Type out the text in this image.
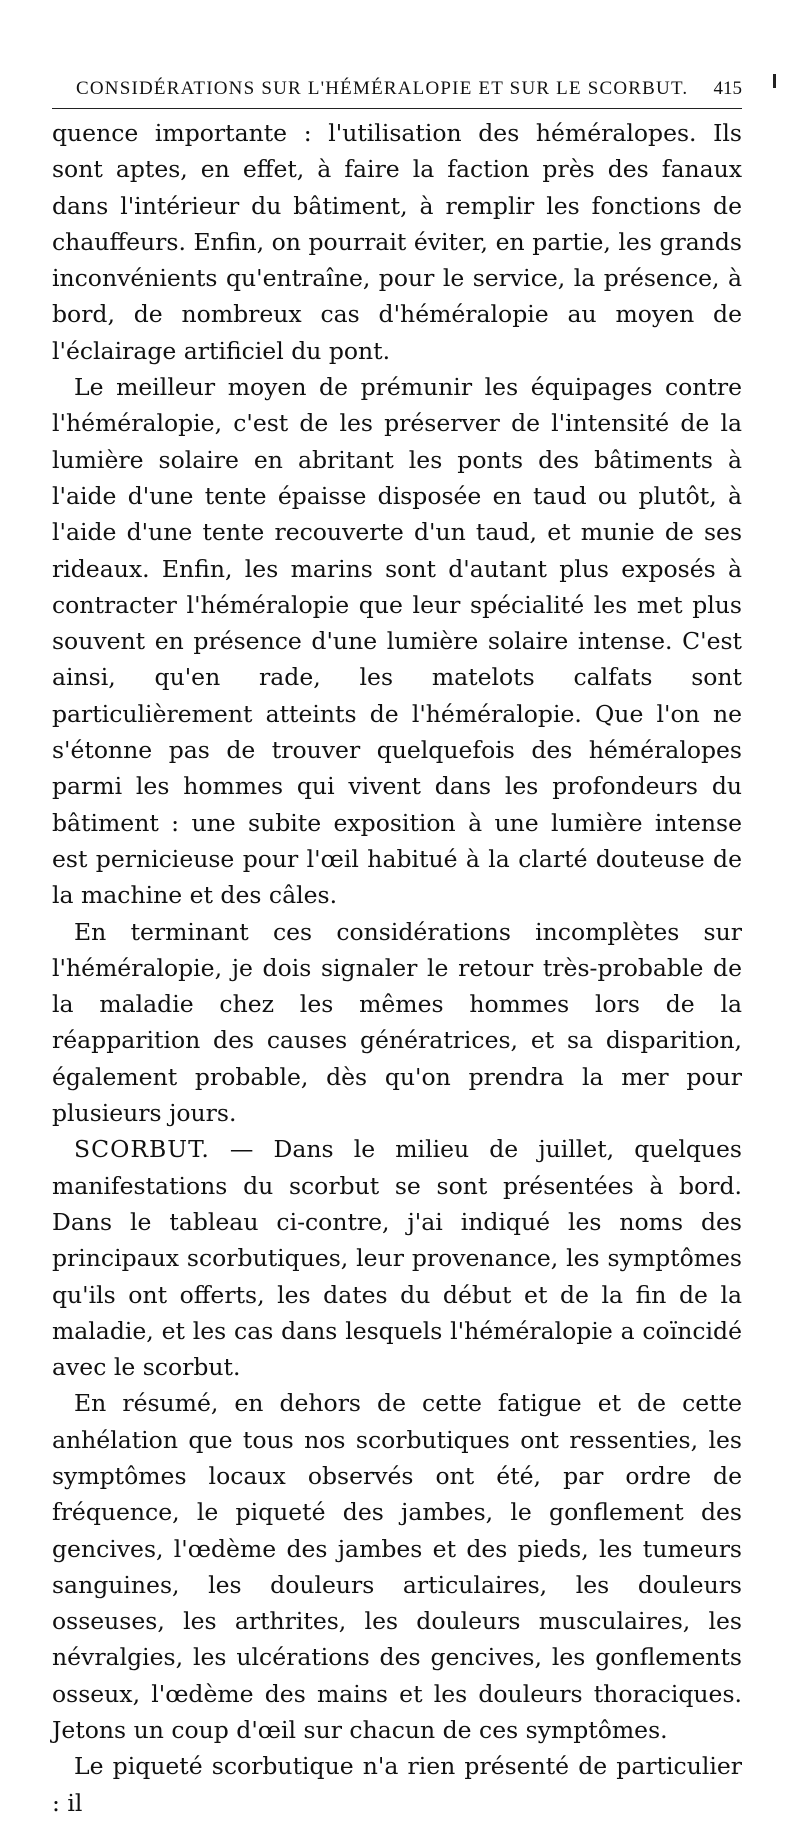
CONSIDÉRATIONS SUR L'HÉMÉRALOPIE ET SUR LE SCORBUT. 415

quence importante : l'utilisation des héméralopes. Ils sont aptes, en effet, à faire la faction près des fanaux dans l'intérieur du bâtiment, à remplir les fonctions de chauffeurs. Enfin, on pourrait éviter, en partie, les grands inconvénients qu'entraîne, pour le service, la présence, à bord, de nombreux cas d'héméralopie au moyen de l'éclairage artificiel du pont.

Le meilleur moyen de prémunir les équipages contre l'héméralopie, c'est de les préserver de l'intensité de la lumière solaire en abritant les ponts des bâtiments à l'aide d'une tente épaisse disposée en taud ou plutôt, à l'aide d'une tente recouverte d'un taud, et munie de ses rideaux. Enfin, les marins sont d'autant plus exposés à contracter l'héméralopie que leur spécialité les met plus souvent en présence d'une lumière solaire intense. C'est ainsi, qu'en rade, les matelots calfats sont particulièrement atteints de l'héméralopie. Que l'on ne s'étonne pas de trouver quelquefois des héméralopes parmi les hommes qui vivent dans les profondeurs du bâtiment : une subite exposition à une lumière intense est pernicieuse pour l'œil habitué à la clarté douteuse de la machine et des câles.

En terminant ces considérations incomplètes sur l'héméralopie, je dois signaler le retour très-probable de la maladie chez les mêmes hommes lors de la réapparition des causes génératrices, et sa disparition, également probable, dès qu'on prendra la mer pour plusieurs jours.

SCORBUT. — Dans le milieu de juillet, quelques manifestations du scorbut se sont présentées à bord. Dans le tableau ci-contre, j'ai indiqué les noms des principaux scorbutiques, leur provenance, les symptômes qu'ils ont offerts, les dates du début et de la fin de la maladie, et les cas dans lesquels l'héméralopie a coïncidé avec le scorbut.

En résumé, en dehors de cette fatigue et de cette anhélation que tous nos scorbutiques ont ressenties, les symptômes locaux observés ont été, par ordre de fréquence, le piqueté des jambes, le gonflement des gencives, l'œdème des jambes et des pieds, les tumeurs sanguines, les douleurs articulaires, les douleurs osseuses, les arthrites, les douleurs musculaires, les névralgies, les ulcérations des gencives, les gonflements osseux, l'œdème des mains et les douleurs thoraciques. Jetons un coup d'œil sur chacun de ces symptômes.

Le piqueté scorbutique n'a rien présenté de particulier : il
